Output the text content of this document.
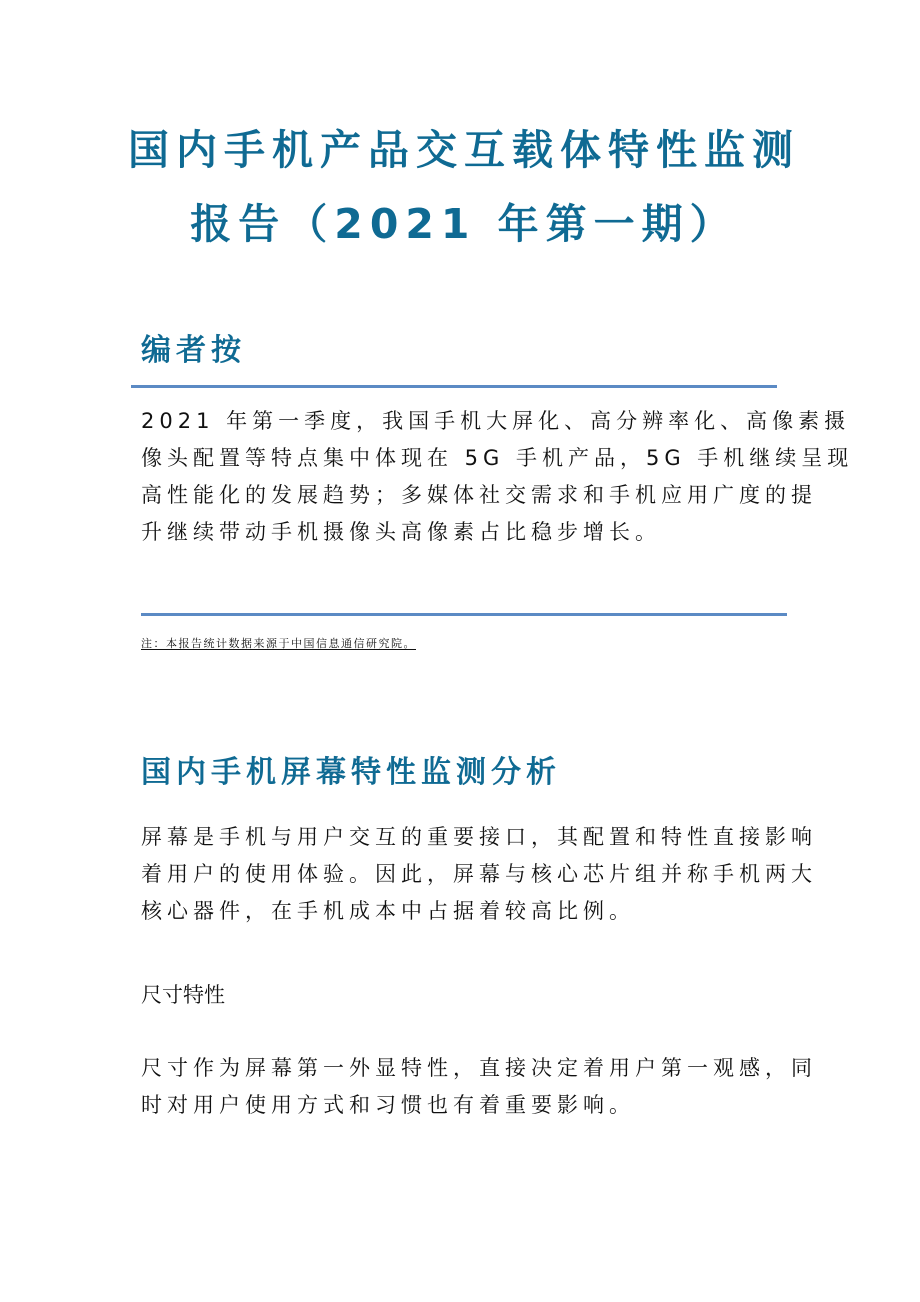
国内手机产品交互载体特性监测
报告（2021 年第一期）
编者按
2021 年第一季度，我国手机大屏化、高分辨率化、高像素摄
像头配置等特点集中体现在 5G 手机产品，5G 手机继续呈现
高性能化的发展趋势；多媒体社交需求和手机应用广度的提
升继续带动手机摄像头高像素占比稳步增长。
注：本报告统计数据来源于中国信息通信研究院。
国内手机屏幕特性监测分析
屏幕是手机与用户交互的重要接口，其配置和特性直接影响
着用户的使用体验。因此，屏幕与核心芯片组并称手机两大
核心器件，在手机成本中占据着较高比例。
尺寸特性
尺寸作为屏幕第一外显特性，直接决定着用户第一观感，同
时对用户使用方式和习惯也有着重要影响。
